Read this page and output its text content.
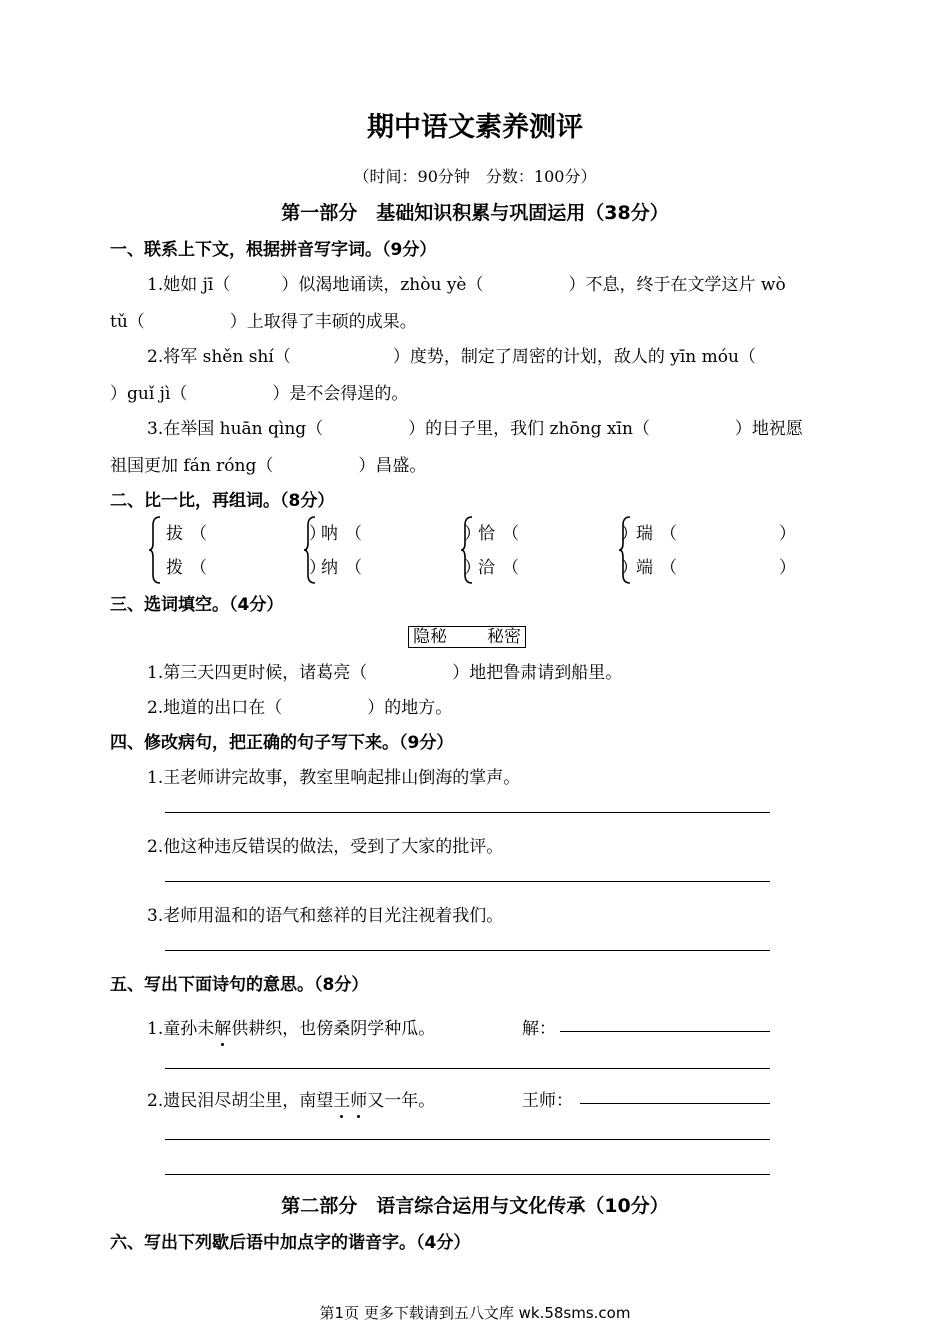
期中语文素养测评
（时间：90分钟　分数：100分）
第一部分　基础知识积累与巩固运用（38分）
一、联系上下文，根据拼音写字词。（9分）
1.她如 jī（　　　）似渴地诵读，zhòu yè（　　　　　）不息，终于在文学这片 wò
tǔ（　　　　　）上取得了丰硕的成果。
2.将军 shěn shí（　　　　　　）度势，制定了周密的计划，敌人的 yīn móu（
）guǐ jì（　　　　　）是不会得逞的。
3.在举国 huān qìng（　　　　　）的日子里，我们 zhōng xīn（　　　　　）地祝愿
祖国更加 fán róng（　　　　　）昌盛。
二、比一比，再组词。（8分）
拔
拨
（　　　　　　）
（　　　　　　）
呐
纳
（　　　　　　）
（　　　　　　）
恰
洽
（　　　　　　）
（　　　　　　）
瑞
端
（　　　　　　）
（　　　　　　）
三、选词填空。（4分）
隐秘 秘密
1.第三天四更时候，诸葛亮（　　　　　）地把鲁肃请到船里。
2.地道的出口在（　　　　　）的地方。
四、修改病句，把正确的句子写下来。（9分）
1.王老师讲完故事，教室里响起排山倒海的掌声。
2.他这种违反错误的做法，受到了大家的批评。
3.老师用温和的语气和慈祥的目光注视着我们。
五、写出下面诗句的意思。（8分）
1.童孙未解供耕织，也傍桑阴学种瓜。	解：
2.遗民泪尽胡尘里，南望王师又一年。	王师：
第二部分　语言综合运用与文化传承（10分）
六、写出下列歇后语中加点字的谐音字。（4分）
第1页 更多下载请到五八文库 wk.58sms.com
